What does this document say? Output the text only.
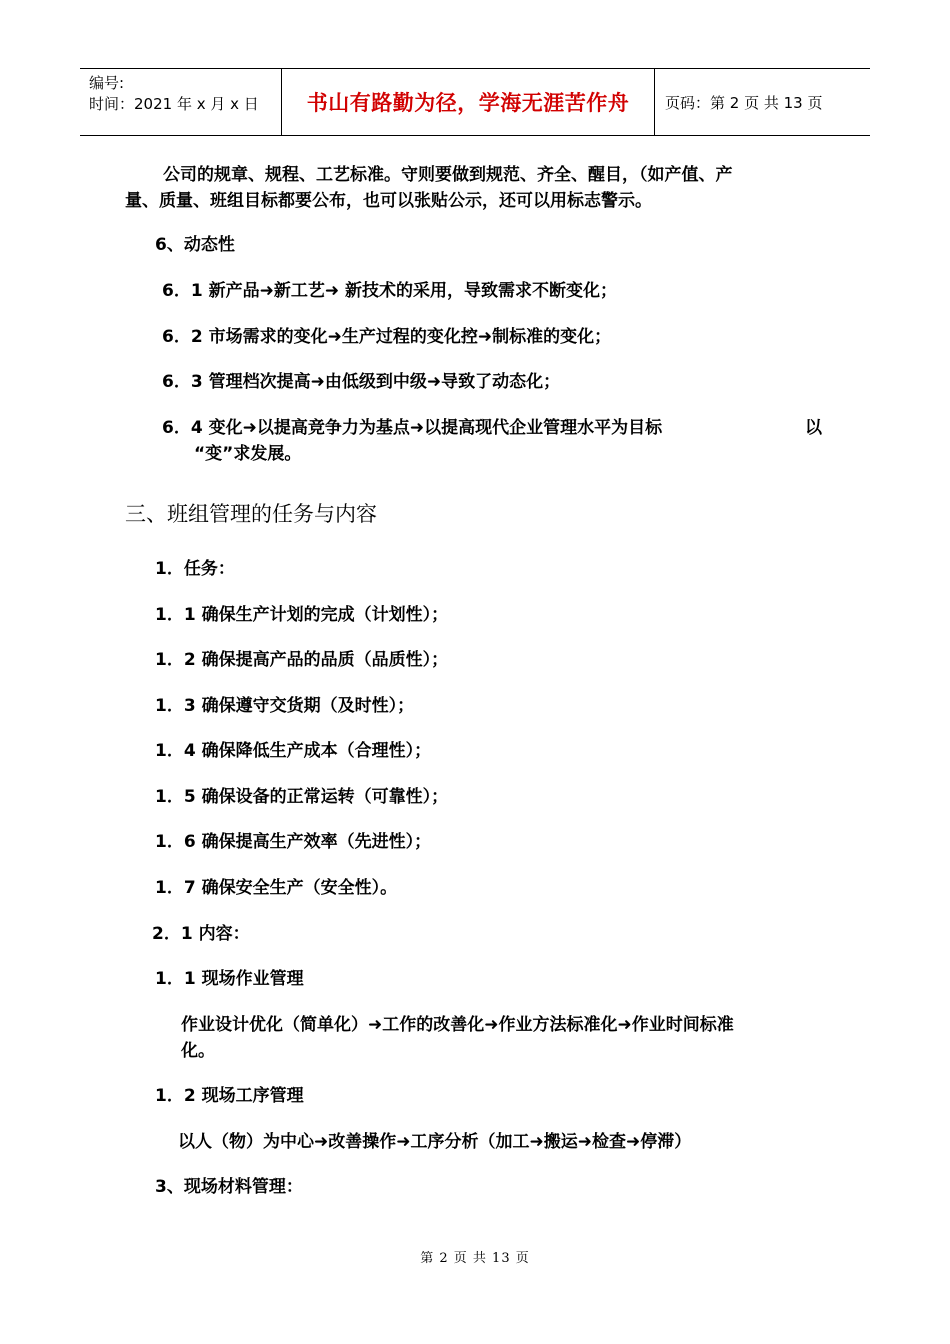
编号:
时间：2021 年 x 月 x 日	书山有路勤为径，学海无涯苦作舟	页码：第 2 页 共 13 页
公司的规章、规程、工艺标准。守则要做到规范、齐全、醒目，（如产值、产
量、质量、班组目标都要公布，也可以张贴公示，还可以用标志警示。
6、动态性
6．1 新产品➜新工艺➜ 新技术的采用，导致需求不断变化；
6．2 市场需求的变化➜生产过程的变化控➜制标准的变化；
6．3 管理档次提高➜由低级到中级➜导致了动态化；
6．4 变化➜以提高竞争力为基点➜以提高现代企业管理水平为目标	以
“变”求发展。
三、班组管理的任务与内容
1．任务：
1．1 确保生产计划的完成（计划性）；
1．2 确保提高产品的品质（品质性）；
1．3 确保遵守交货期（及时性）；
1．4 确保降低生产成本（合理性）；
1．5 确保设备的正常运转（可靠性）；
1．6 确保提高生产效率（先进性）；
1．7 确保安全生产（安全性）。
2．1 内容：
1．1 现场作业管理
作业设计优化（简单化）➜工作的改善化➜作业方法标准化➜作业时间标准
化。
1．2 现场工序管理
以人（物）为中心➜改善操作➜工序分析（加工➜搬运➜检查➜停滞）
3、现场材料管理：
第 2 页 共 13 页
